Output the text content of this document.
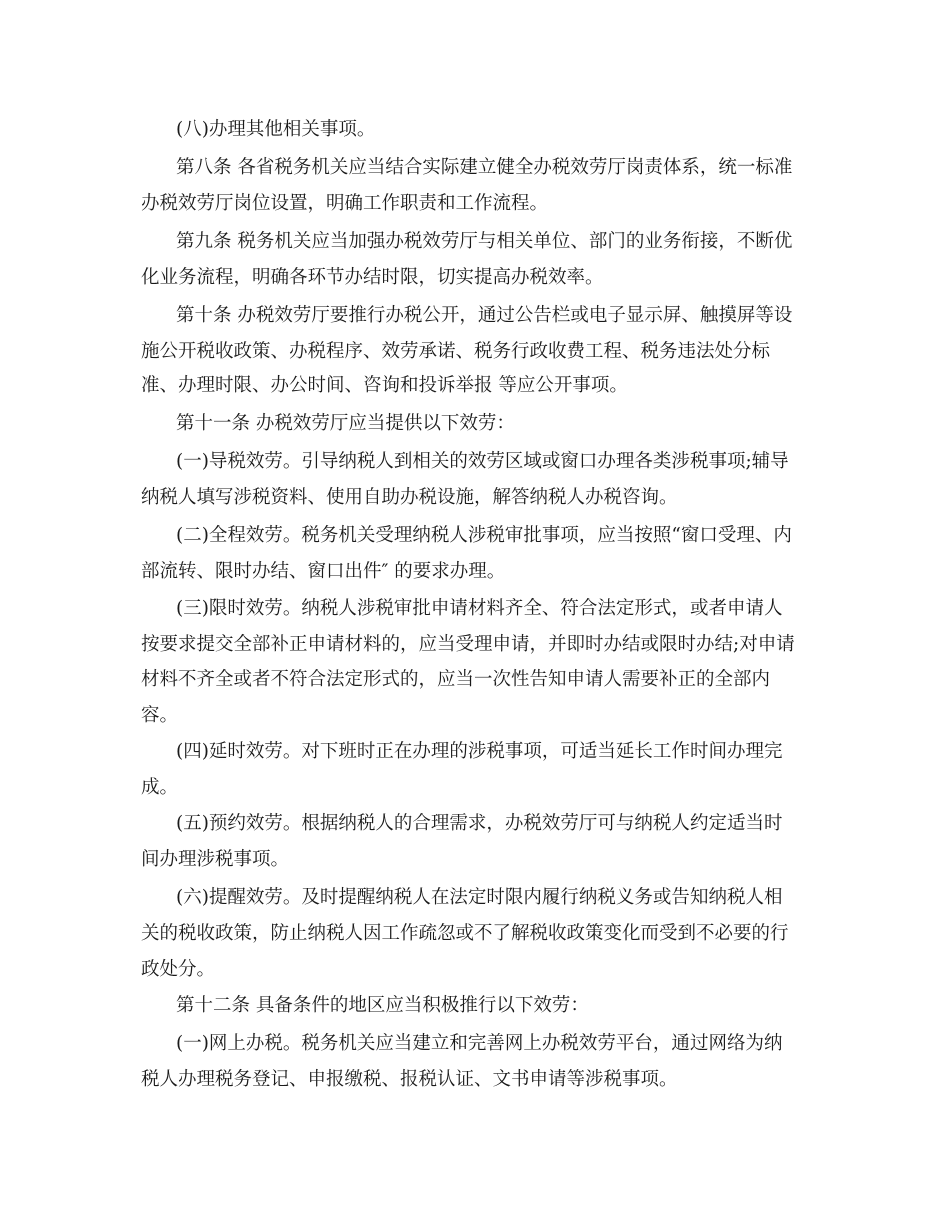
(八)办理其他相关事项。
第八条 各省税务机关应当结合实际建立健全办税效劳厅岗责体系，统一标准
办税效劳厅岗位设置，明确工作职责和工作流程。
第九条 税务机关应当加强办税效劳厅与相关单位、部门的业务衔接，不断优
化业务流程，明确各环节办结时限，切实提高办税效率。
第十条 办税效劳厅要推行办税公开，通过公告栏或电子显示屏、触摸屏等设
施公开税收政策、办税程序、效劳承诺、税务行政收费工程、税务违法处分标
准、办理时限、办公时间、咨询和投诉举报 等应公开事项。
第十一条 办税效劳厅应当提供以下效劳：
(一)导税效劳。引导纳税人到相关的效劳区域或窗口办理各类涉税事项;辅导
纳税人填写涉税资料、使用自助办税设施，解答纳税人办税咨询。
(二)全程效劳。税务机关受理纳税人涉税审批事项，应当按照“窗口受理、内
部流转、限时办结、窗口出件″ 的要求办理。
(三)限时效劳。纳税人涉税审批申请材料齐全、符合法定形式，或者申请人
按要求提交全部补正申请材料的，应当受理申请，并即时办结或限时办结;对申请
材料不齐全或者不符合法定形式的，应当一次性告知申请人需要补正的全部内
容。
(四)延时效劳。对下班时正在办理的涉税事项，可适当延长工作时间办理完
成。
(五)预约效劳。根据纳税人的合理需求，办税效劳厅可与纳税人约定适当时
间办理涉税事项。
(六)提醒效劳。及时提醒纳税人在法定时限内履行纳税义务或告知纳税人相
关的税收政策，防止纳税人因工作疏忽或不了解税收政策变化而受到不必要的行
政处分。
第十二条 具备条件的地区应当积极推行以下效劳：
(一)网上办税。税务机关应当建立和完善网上办税效劳平台，通过网络为纳
税人办理税务登记、申报缴税、报税认证、文书申请等涉税事项。
